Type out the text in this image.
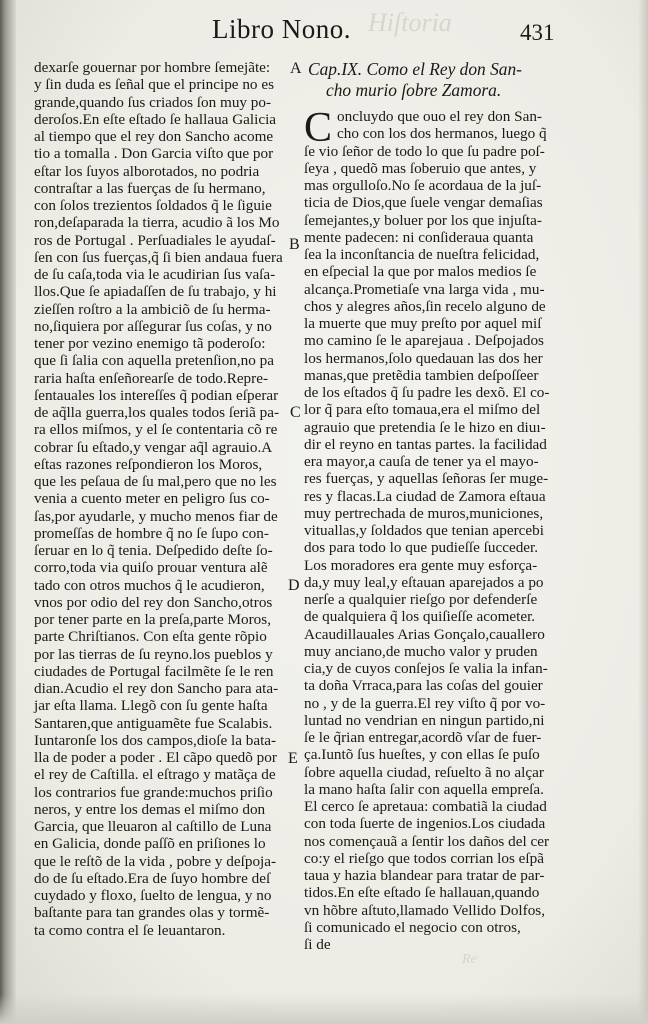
Hiſtoria
Re
Libro Nono.	431
A
B
C
D
E
dexarſe gouernar por hombre ſemejãte:
y ſin duda es ſeñal que el principe no es
grande,quando ſus criados ſon muy po-
deroſos.En eſte eſtado ſe hallaua Galicia
al tiempo que el rey don Sancho acome
tio a tomalla . Don Garcia viſto que por
eſtar los ſuyos alborotados, no podria
contraſtar a las fuerças de ſu hermano,
con ſolos trezientos ſoldados q̃ le ſiguie
ron,deſaparada la tierra, acudio ã los Mo
ros de Portugal . Perſuadiales le ayudaſ-
ſen con ſus fuerças,q̃ ſi bien andaua fuera
de ſu caſa,toda via le acudirian ſus vaſa-
llos.Que ſe apiadaſſen de ſu trabajo, y hi
zieſſen roſtro a la ambiciõ de ſu herma-
no,ſiquiera por aſſegurar ſus coſas, y no
tener por vezino enemigo tã poderoſo:
que ſi ſalia con aquella pretenſion,no pa
raria haſta enſeñorearſe de todo.Repre-
ſentauales los intereſſes q̃ podian eſperar
de aq̃lla guerra,los quales todos ſeriã pa-
ra ellos miſmos, y el ſe contentaria cõ re
cobrar ſu eſtado,y vengar aq̃l agrauio.A
eſtas razones reſpondieron los Moros,
que les peſaua de ſu mal,pero que no les
venia a cuento meter en peligro ſus co-
ſas,por ayudarle, y mucho menos fiar de
promeſſas de hombre q̃ no ſe ſupo con-
ſeruar en lo q̃ tenia. Deſpedido deſte ſo-
corro,toda via quiſo prouar ventura alẽ
tado con otros muchos q̃ le acudieron,
vnos por odio del rey don Sancho,otros
por tener parte en la preſa,parte Moros,
parte Chriſtianos. Con eſta gente rõpio
por las tierras de ſu reyno.los pueblos y
ciudades de Portugal facilmẽte ſe le ren
dian.Acudio el rey don Sancho para ata-
jar eſta llama. Llegõ con ſu gente haſta
Santaren,que antiguamẽte fue Scalabis.
Iuntaronſe los dos campos,dioſe la bata-
lla de poder a poder . El cãpo quedõ por
el rey de Caſtilla. el eſtrago y matãça de
los contrarios fue grande:muchos priſio
neros, y entre los demas el miſmo don
Garcia, que lleuaron al caſtillo de Luna
en Galicia, donde paſſõ en priſiones lo
que le reſtõ de la vida , pobre y deſpoja-
do de ſu eſtado.Era de ſuyo hombre deſ
cuydado y floxo, ſuelto de lengua, y no
baſtante para tan grandes olas y tormẽ-
ta como contra el ſe leuantaron.
C
Cap.IX. Como el Rey don San-
cho murio ſobre Zamora.
oncluydo que ouo el rey don San-
cho con los dos hermanos, luego q̃
ſe vio ſeñor de todo lo que ſu padre poſ-
ſeya , quedõ mas ſoberuio que antes, y
mas orgulloſo.No ſe acordaua de la juſ-
ticia de Dios,que ſuele vengar demaſias
ſemejantes,y boluer por los que injuſta-
mente padecen: ni conſideraua quanta
ſea la inconſtancia de nueſtra felicidad,
en eſpecial la que por malos medios ſe
alcança.Prometiaſe vna larga vida , mu-
chos y alegres años,ſin recelo alguno de
la muerte que muy preſto por aquel miſ
mo camino ſe le aparejaua . Deſpojados
los hermanos,ſolo quedauan las dos her
manas,que pretẽdia tambien deſpoſſeer
de los eſtados q̃ ſu padre les dexõ. El co-
lor q̃ para eſto tomaua,era el miſmo del
agrauio que pretendia ſe le hizo en diuı-
dir el reyno en tantas partes. la facilidad
era mayor,a cauſa de tener ya el mayo-
res fuerças, y aquellas ſeñoras ſer muge-
res y flacas.La ciudad de Zamora eſtaua
muy pertrechada de muros,municiones,
vituallas,y ſoldados que tenian apercebi
dos para todo lo que pudieſſe ſucceder.
Los moradores era gente muy esforça-
da,y muy leal,y eſtauan aparejados a po
nerſe a qualquier rieſgo por defenderſe
de qualquiera q̃ los quiſieſſe acometer.
Acaudillauales Arias Gonçalo,cauallero
muy anciano,de mucho valor y pruden
cia,y de cuyos conſejos ſe valia la infan-
ta doña Vrraca,para las coſas del gouier
no , y de la guerra.El rey viſto q̃ por vo-
luntad no vendrian en ningun partido,ni
ſe le q̃rian entregar,acordõ vſar de fuer-
ça.Iuntõ ſus hueſtes, y con ellas ſe puſo
ſobre aquella ciudad, reſuelto ã no alçar
la mano haſta ſalir con aquella empreſa.
El cerco ſe apretaua: combatiã la ciudad
con toda ſuerte de ingenios.Los ciudada
nos començauã a ſentir los daños del cer
co:y el rieſgo que todos corrian los eſpã
taua y hazia blandear para tratar de par-
tidos.En eſte eſtado ſe hallauan,quando
vn hõbre aſtuto,llamado Vellido Dolfos,
ſi comunicado el negocio con otros,
ſi de
